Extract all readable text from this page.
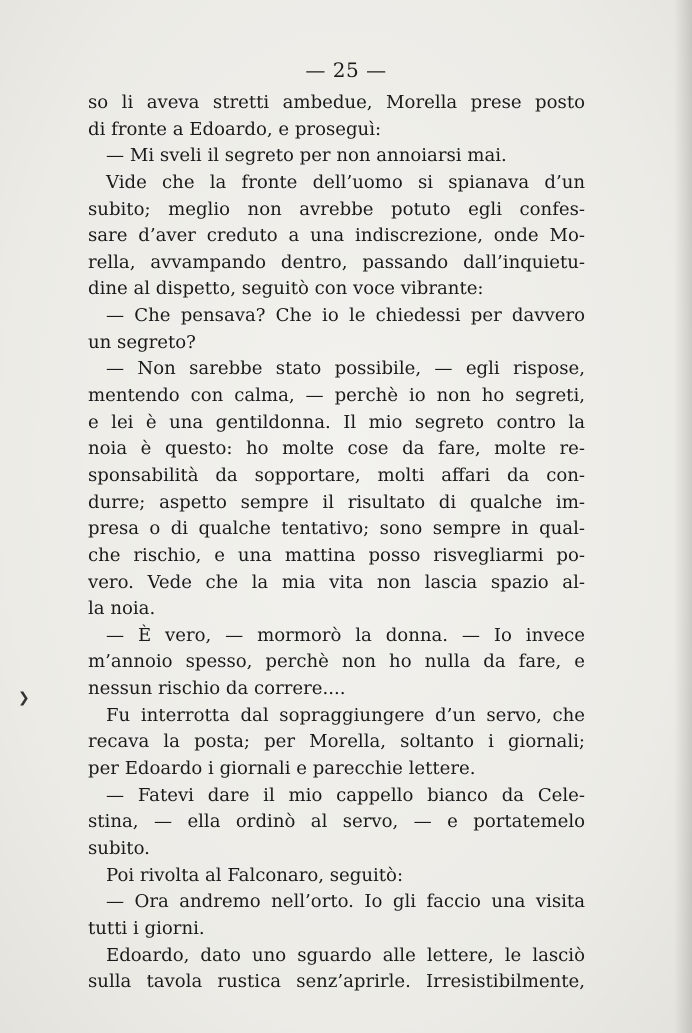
— 25 —
so li aveva stretti ambedue, Morella prese posto
di fronte a Edoardo, e proseguì:
— Mi sveli il segreto per non annoiarsi mai.
Vide che la fronte dell’uomo si spianava d’un
subito; meglio non avrebbe potuto egli confes-
sare d’aver creduto a una indiscrezione, onde Mo-
rella, avvampando dentro, passando dall’inquietu-
dine al dispetto, seguitò con voce vibrante:
— Che pensava? Che io le chiedessi per davvero
un segreto?
— Non sarebbe stato possibile, — egli rispose,
mentendo con calma, — perchè io non ho segreti,
e lei è una gentildonna. Il mio segreto contro la
noia è questo: ho molte cose da fare, molte re-
sponsabilità da sopportare, molti affari da con-
durre; aspetto sempre il risultato di qualche im-
presa o di qualche tentativo; sono sempre in qual-
che rischio, e una mattina posso risvegliarmi po-
vero. Vede che la mia vita non lascia spazio al-
la noia.
— È vero, — mormorò la donna. — Io invece
m’annoio spesso, perchè non ho nulla da fare, e
nessun rischio da correre....
Fu interrotta dal sopraggiungere d’un servo, che
recava la posta; per Morella, soltanto i giornali;
per Edoardo i giornali e parecchie lettere.
— Fatevi dare il mio cappello bianco da Cele-
stina, — ella ordinò al servo, — e portatemelo
subito.
Poi rivolta al Falconaro, seguitò:
— Ora andremo nell’orto. Io gli faccio una visita
tutti i giorni.
Edoardo, dato uno sguardo alle lettere, le lasciò
sulla tavola rustica senz’aprirle. Irresistibilmente,
❯
